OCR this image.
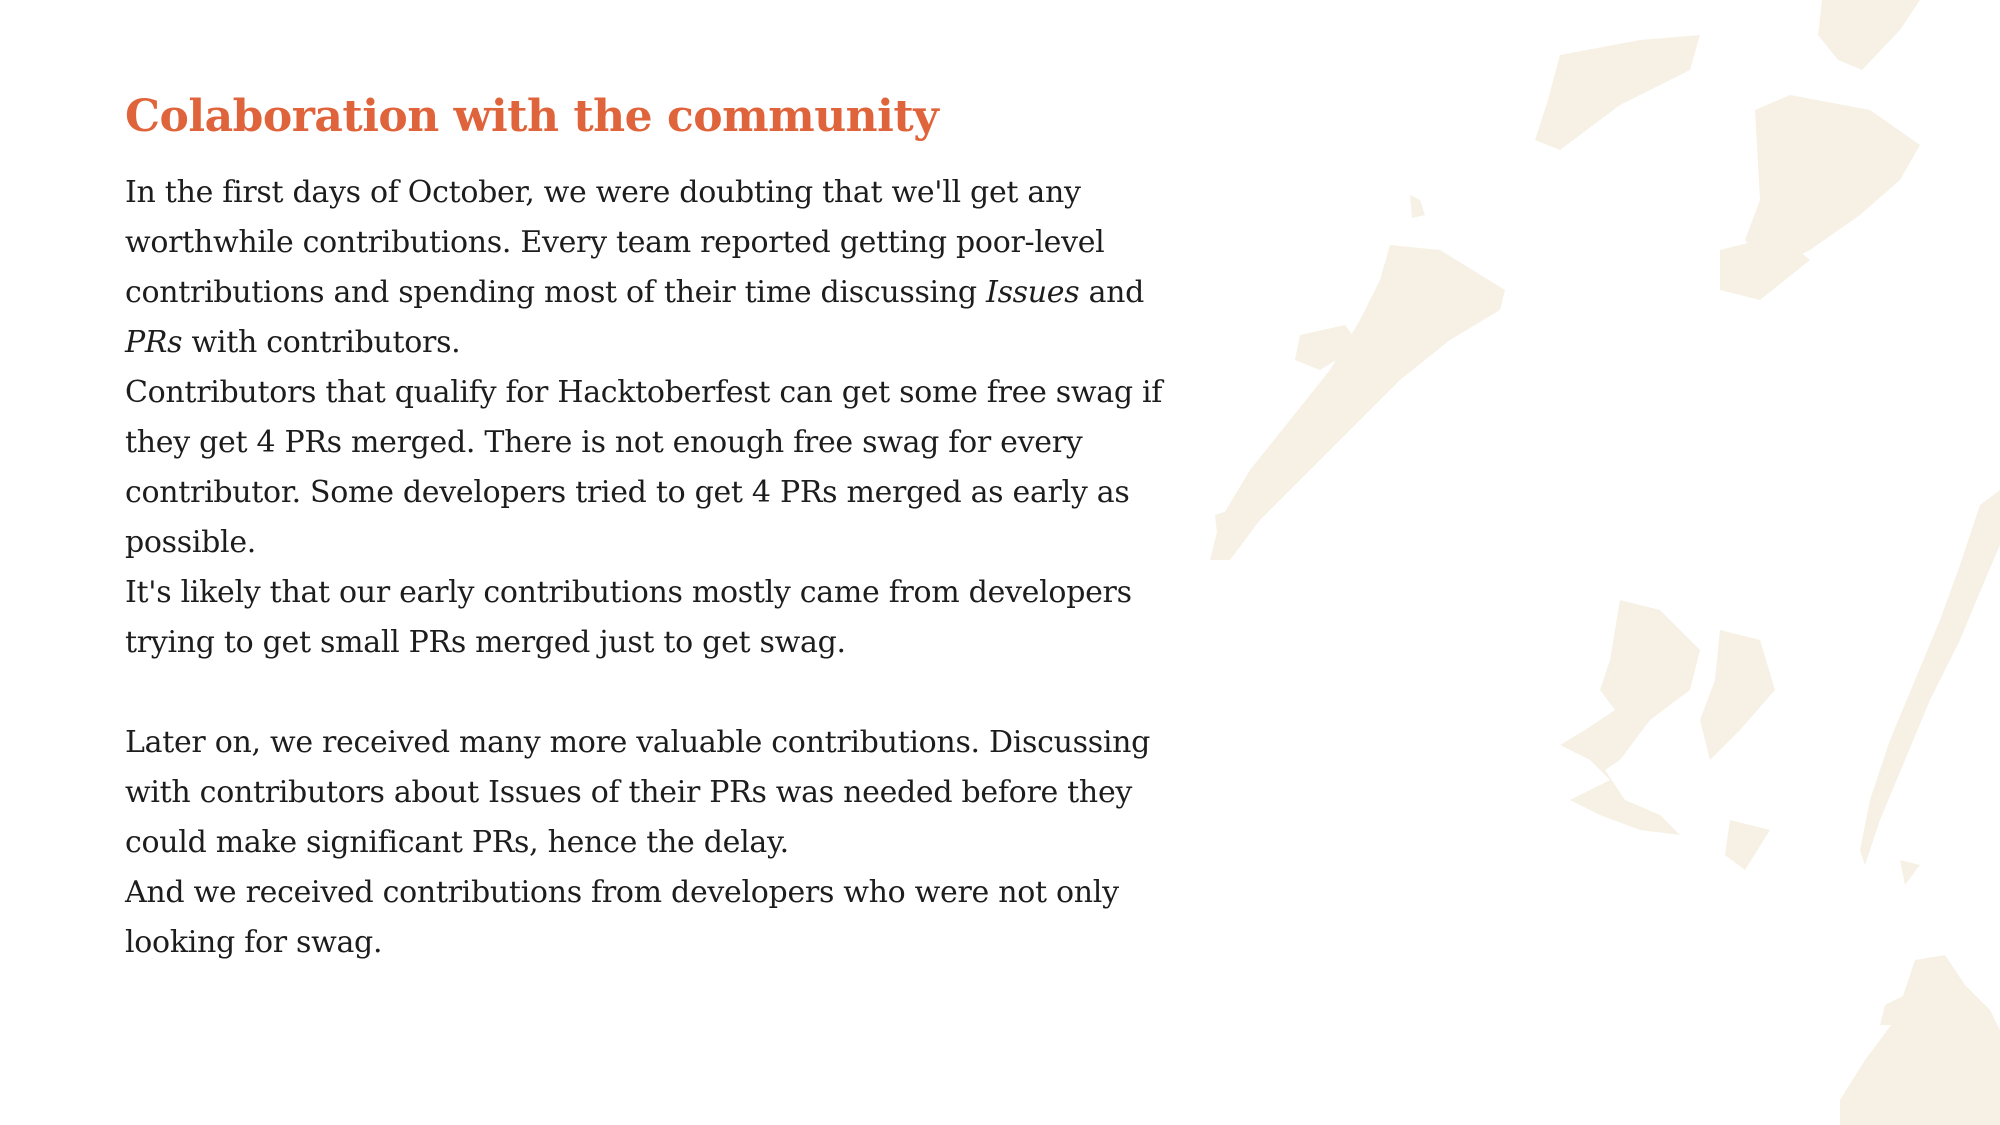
Colaboration with the community

In the first days of October, we were doubting that we'll get any worthwhile contributions. Every team reported getting poor-level contributions and spending most of their time discussing Issues and PRs with contributors.

Contributors that qualify for Hacktoberfest can get some free swag if they get 4 PRs merged. There is not enough free swag for every contributor. Some developers tried to get 4 PRs merged as early as possible.

It's likely that our early contributions mostly came from developers trying to get small PRs merged just to get swag.

Later on, we received many more valuable contributions. Discussing with contributors about Issues of their PRs was needed before they could make significant PRs, hence the delay.

And we received contributions from developers who were not only looking for swag.
